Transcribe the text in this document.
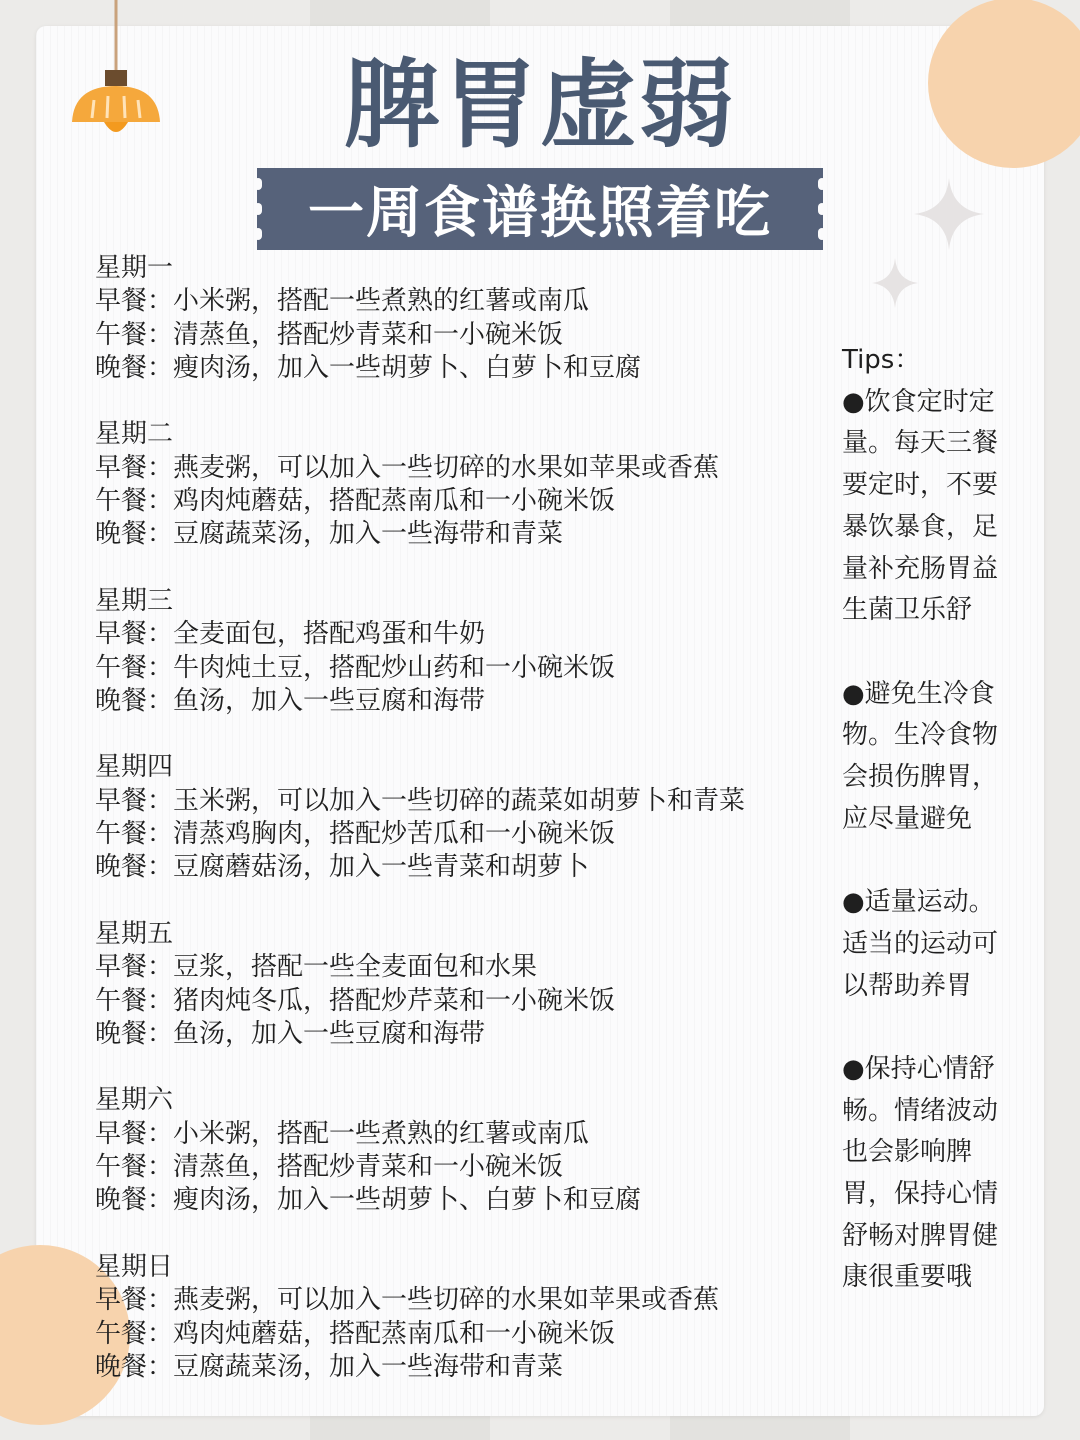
脾胃虚弱
一周食谱换照着吃
星期一
早餐：小米粥，搭配一些煮熟的红薯或南瓜
午餐：清蒸鱼，搭配炒青菜和一小碗米饭
晚餐：瘦肉汤，加入一些胡萝卜、白萝卜和豆腐
星期二
早餐：燕麦粥，可以加入一些切碎的水果如苹果或香蕉
午餐：鸡肉炖蘑菇，搭配蒸南瓜和一小碗米饭
晚餐：豆腐蔬菜汤，加入一些海带和青菜
星期三
早餐：全麦面包，搭配鸡蛋和牛奶
午餐：牛肉炖土豆，搭配炒山药和一小碗米饭
晚餐：鱼汤，加入一些豆腐和海带
星期四
早餐：玉米粥，可以加入一些切碎的蔬菜如胡萝卜和青菜
午餐：清蒸鸡胸肉，搭配炒苦瓜和一小碗米饭
晚餐：豆腐蘑菇汤，加入一些青菜和胡萝卜
星期五
早餐：豆浆，搭配一些全麦面包和水果
午餐：猪肉炖冬瓜，搭配炒芹菜和一小碗米饭
晚餐：鱼汤，加入一些豆腐和海带
星期六
早餐：小米粥，搭配一些煮熟的红薯或南瓜
午餐：清蒸鱼，搭配炒青菜和一小碗米饭
晚餐：瘦肉汤，加入一些胡萝卜、白萝卜和豆腐
星期日
早餐：燕麦粥，可以加入一些切碎的水果如苹果或香蕉
午餐：鸡肉炖蘑菇，搭配蒸南瓜和一小碗米饭
晚餐：豆腐蔬菜汤，加入一些海带和青菜
Tips：
●饮食定时定
量。每天三餐
要定时，不要
暴饮暴食，足
量补充肠胃益
生菌卫乐舒
●避免生冷食
物。生冷食物
会损伤脾胃，
应尽量避免
●适量运动。
适当的运动可
以帮助养胃
●保持心情舒
畅。情绪波动
也会影响脾
胃，保持心情
舒畅对脾胃健
康很重要哦
